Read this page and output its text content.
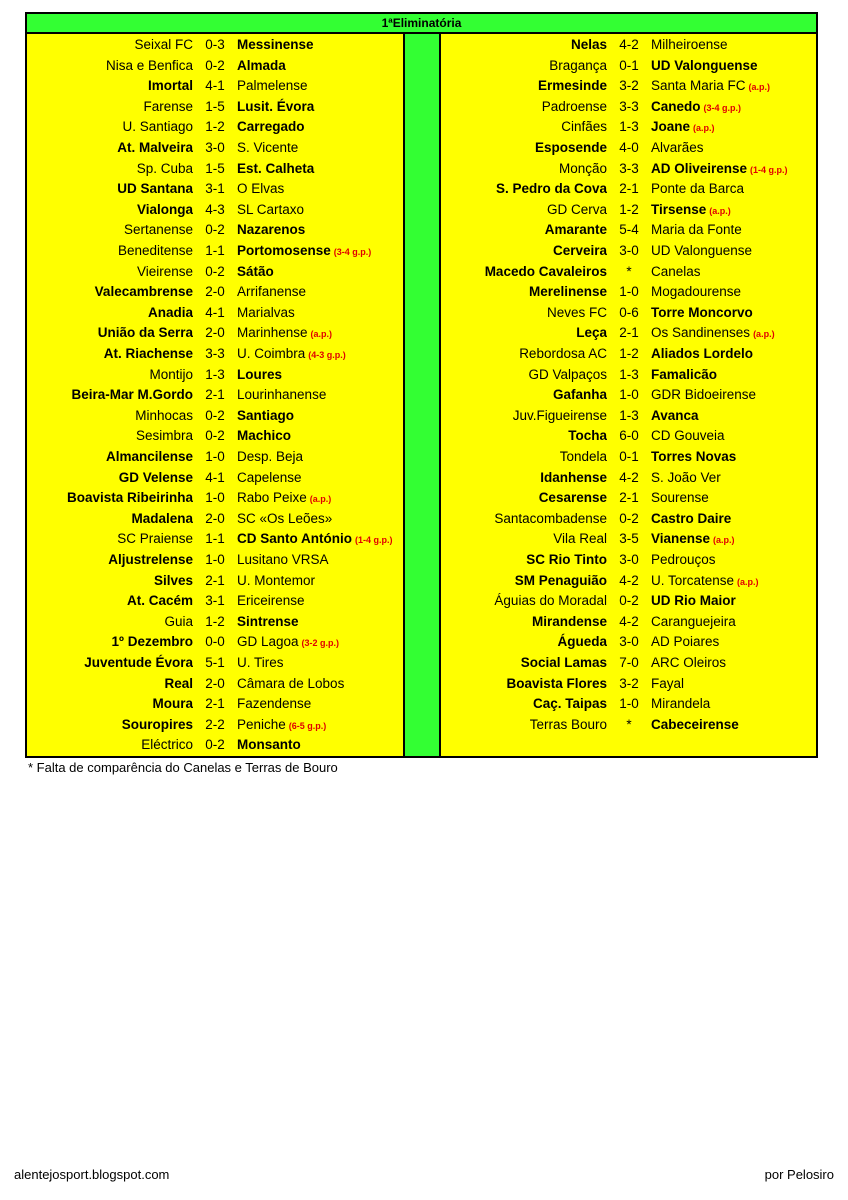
1ªEliminatória
Seixal FC 0-3 Messinense
Nisa e Benfica 0-2 Almada
Imortal 4-1 Palmelense
Farense 1-5 Lusit. Évora
U. Santiago 1-2 Carregado
At. Malveira 3-0 S. Vicente
Sp. Cuba 1-5 Est. Calheta
UD Santana 3-1 O Elvas
Vialonga 4-3 SL Cartaxo
Sertanense 0-2 Nazarenos
Beneditense 1-1 Portomosense (3-4 g.p.)
Vieirense 0-2 Sátão
Valecambrense 2-0 Arrifanense
Anadia 4-1 Marialvas
União da Serra 2-0 Marinhense (a.p.)
At. Riachense 3-3 U. Coimbra (4-3 g.p.)
Montijo 1-3 Loures
Beira-Mar M.Gordo 2-1 Lourinhanense
Minhocas 0-2 Santiago
Sesimbra 0-2 Machico
Almancilense 1-0 Desp. Beja
GD Velense 4-1 Capelense
Boavista Ribeirinha 1-0 Rabo Peixe (a.p.)
Madalena 2-0 SC «Os Leões»
SC Praiense 1-1 CD Santo António (1-4 g.p.)
Aljustrelense 1-0 Lusitano VRSA
Silves 2-1 U. Montemor
At. Cacém 3-1 Ericeirense
Guia 1-2 Sintrense
1º Dezembro 0-0 GD Lagoa (3-2 g.p.)
Juventude Évora 5-1 U. Tires
Real 2-0 Câmara de Lobos
Moura 2-1 Fazendense
Souropires 2-2 Peniche (6-5 g.p.)
Eléctrico 0-2 Monsanto
Nelas 4-2 Milheiroense
Bragança 0-1 UD Valonguense
Ermesinde 3-2 Santa Maria FC (a.p.)
Padroense 3-3 Canedo (3-4 g.p.)
Cinfães 1-3 Joane (a.p.)
Esposende 4-0 Alvarães
Monção 3-3 AD Oliveirense (1-4 g.p.)
S. Pedro da Cova 2-1 Ponte da Barca
GD Cerva 1-2 Tirsense (a.p.)
Amarante 5-4 Maria da Fonte
Cerveira 3-0 UD Valonguense
Macedo Cavaleiros	*	Canelas
Merelinense 1-0 Mogadourense
Neves FC 0-6 Torre Moncorvo
Leça 2-1 Os Sandinenses (a.p.)
Rebordosa AC 1-2 Aliados Lordelo
GD Valpaços 1-3 Famalicão
Gafanha 1-0 GDR Bidoeirense
Juv.Figueirense 1-3 Avanca
Tocha 6-0 CD Gouveia
Tondela 0-1 Torres Novas
Idanhense 4-2 S. João Ver
Cesarense 2-1 Sourense
Santacombadense 0-2 Castro Daire
Vila Real 3-5 Vianense (a.p.)
SC Rio Tinto 3-0 Pedrouços
SM Penaguião 4-2 U. Torcatense (a.p.)
Águias do Moradal 0-2 UD Rio Maior
Mirandense 4-2 Caranguejeira
Águeda 3-0 AD Poiares
Social Lamas 7-0 ARC Oleiros
Boavista Flores 3-2 Fayal
Caç. Taipas 1-0 Mirandela
Terras Bouro	*	Cabeceirense
* Falta de comparência do Canelas e Terras de Bouro
alentejosport.blogspot.com	por Pelosiro
